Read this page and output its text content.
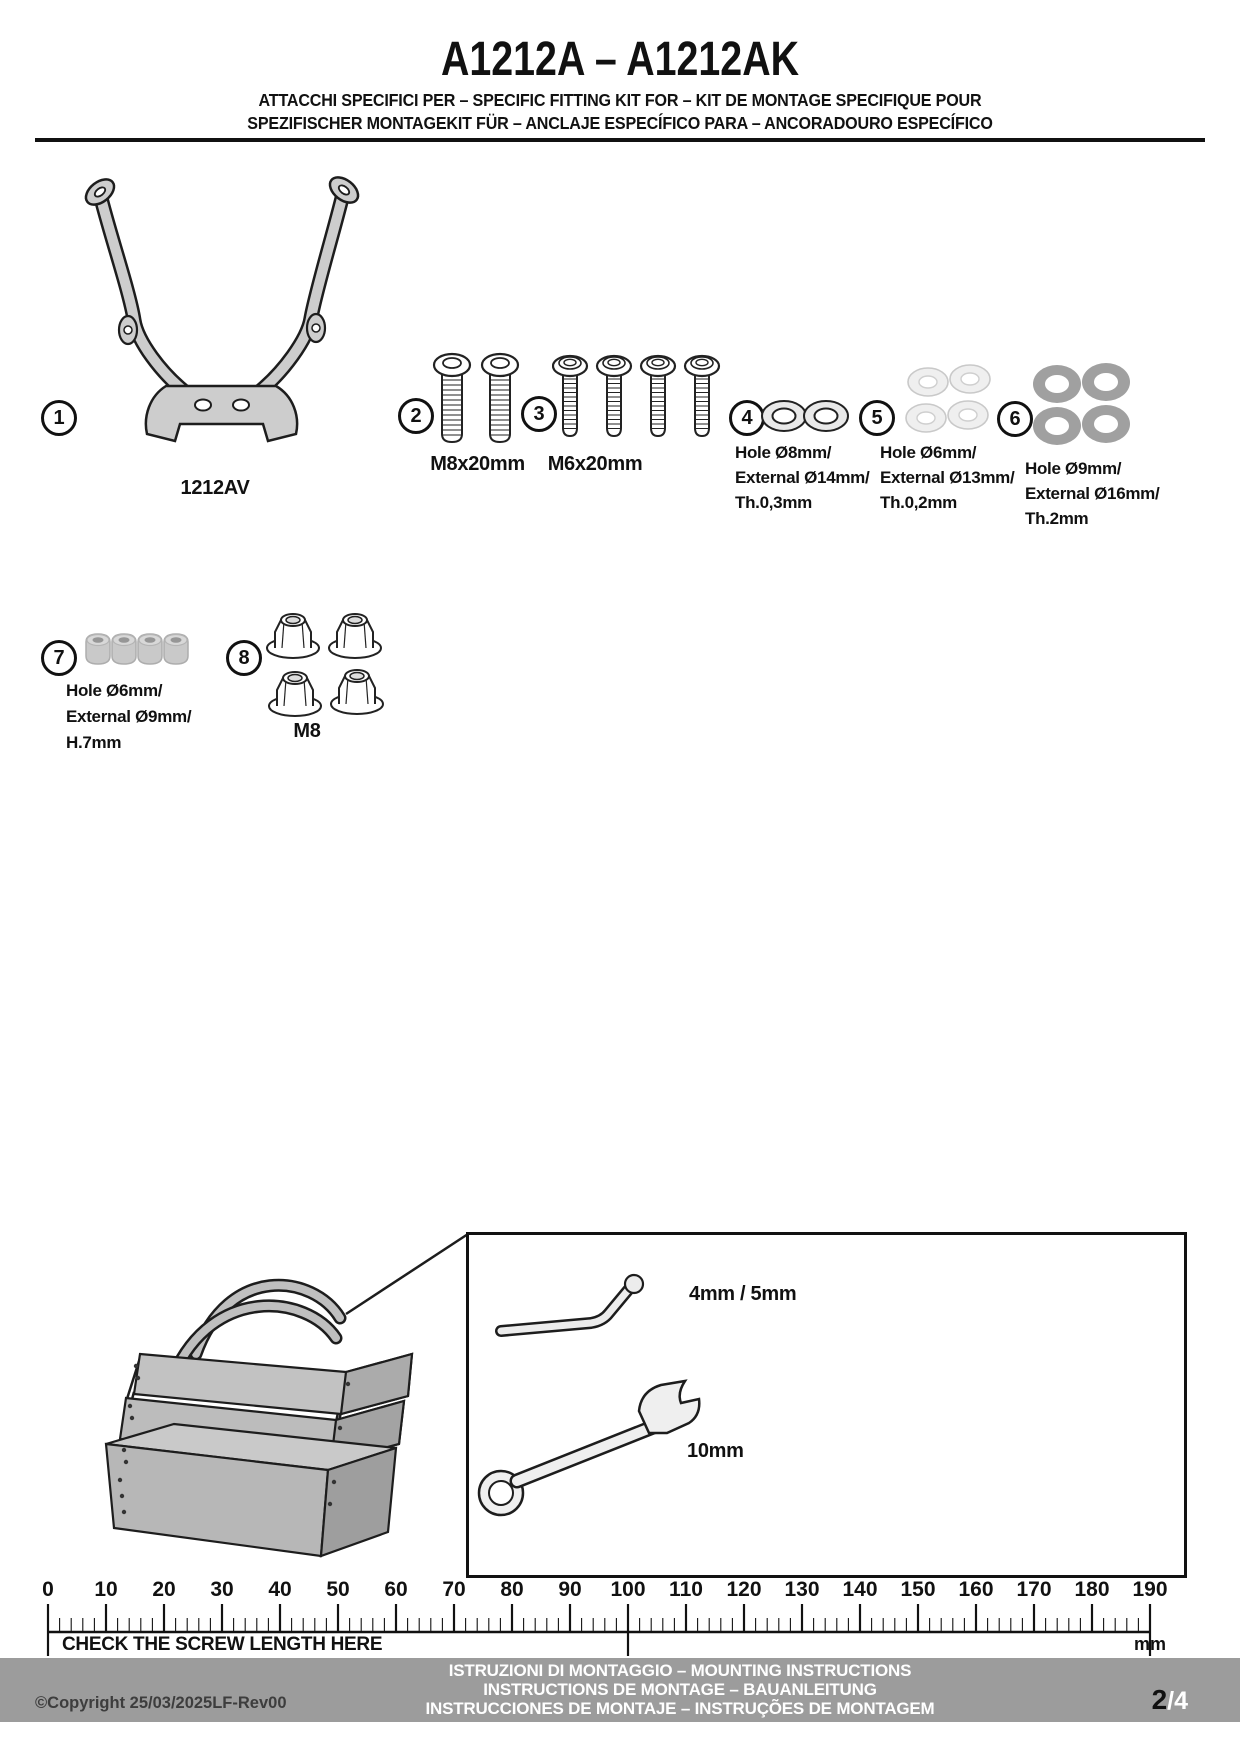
A1212A – A1212AK
ATTACCHI SPECIFICI PER – SPECIFIC FITTING KIT FOR – KIT DE MONTAGE SPECIFIQUE POUR
SPEZIFISCHER MONTAGEKIT FÜR – ANCLAJE ESPECÍFICO PARA – ANCORADOURO ESPECÍFICO
1
1212AV
2
M8x20mm
3
M6x20mm
4
Hole Ø8mm/
External Ø14mm/
Th.0,3mm
5
Hole Ø6mm/
External Ø13mm/
Th.0,2mm
6
Hole Ø9mm/
External Ø16mm/
Th.2mm
7
Hole Ø6mm/
External Ø9mm/
H.7mm
8
M8
4mm / 5mm
10mm
0 10 20 30 40 50 60 70 80 90 100 110 120 130 140 150 160 170 180 190
mm
CHECK THE SCREW LENGTH HERE
ISTRUZIONI DI MONTAGGIO – MOUNTING INSTRUCTIONS
INSTRUCTIONS DE MONTAGE – BAUANLEITUNG
INSTRUCCIONES DE MONTAJE – INSTRUÇÕES DE MONTAGEM
©Copyright 25/03/2025LF-Rev00	2/4
